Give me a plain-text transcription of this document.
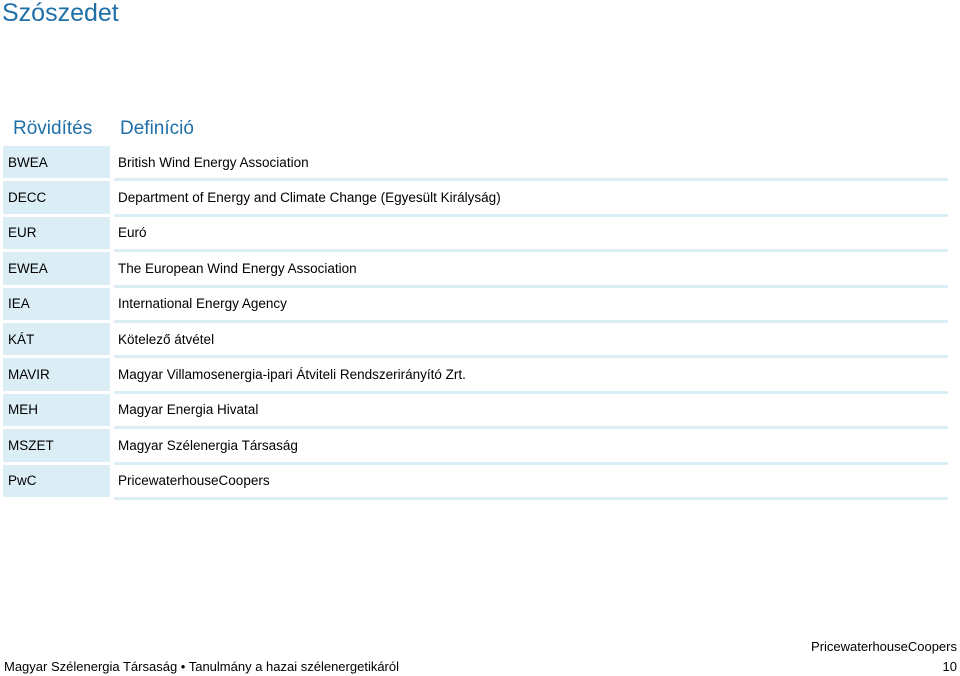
Szószedet
Rövidítés	Definíció
BWEA	British Wind Energy Association
DECC	Department of Energy and Climate Change (Egyesült Királyság)
EUR	Euró
EWEA	The European Wind Energy Association
IEA	International Energy Agency
KÁT	Kötelező átvétel
MAVIR	Magyar Villamosenergia-ipari Átviteli Rendszerirányító Zrt.
MEH	Magyar Energia Hivatal
MSZET	Magyar Szélenergia Társaság
PwC	PricewaterhouseCoopers
PricewaterhouseCoopers
Magyar Szélenergia Társaság • Tanulmány a hazai szélenergetikáról	10
